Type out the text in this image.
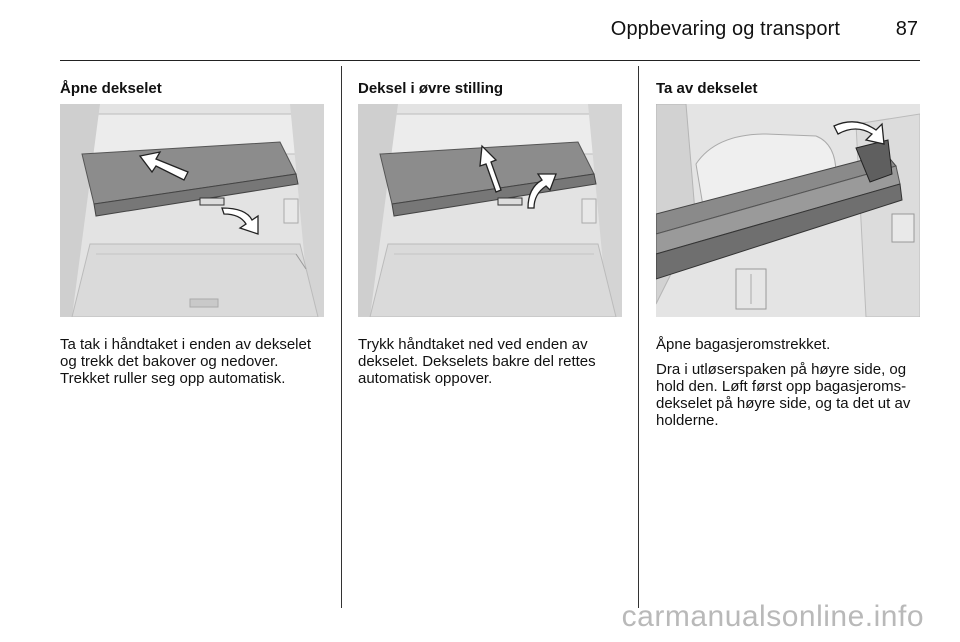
Oppbevaring og transport	87
Åpne dekselet

Ta tak i håndtaket i enden av dekselet og trekk det bakover og nedover. Trekket ruller seg opp automatisk.

Deksel i øvre stilling

Trykk håndtaket ned ved enden av dekselet. Dekselets bakre del rettes automatisk oppover.

Ta av dekselet

Åpne bagasjeromstrekket.

Dra i utløserspaken på høyre side, og hold den. Løft først opp bagasjeroms-dekselet på høyre side, og ta det ut av holderne.

carmanualsonline.info
